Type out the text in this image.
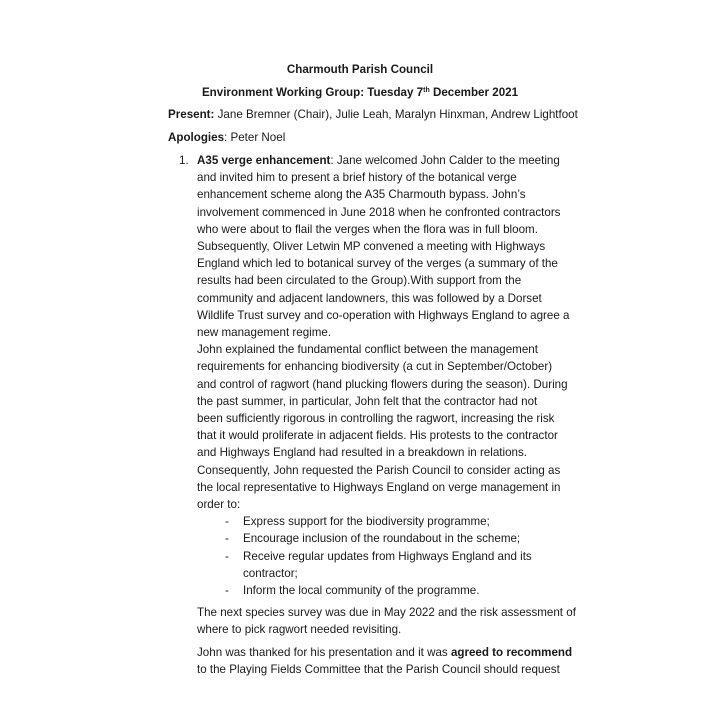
Charmouth Parish Council
Environment Working Group: Tuesday 7th December 2021
Present: Jane Bremner (Chair), Julie Leah, Maralyn Hinxman, Andrew Lightfoot
Apologies: Peter Noel
1. A35 verge enhancement: Jane welcomed John Calder to the meeting
and invited him to present a brief history of the botanical verge
enhancement scheme along the A35 Charmouth bypass. John’s
involvement commenced in June 2018 when he confronted contractors
who were about to flail the verges when the flora was in full bloom.
Subsequently, Oliver Letwin MP convened a meeting with Highways
England which led to botanical survey of the verges (a summary of the
results had been circulated to the Group).With support from the
community and adjacent landowners, this was followed by a Dorset
Wildlife Trust survey and co-operation with Highways England to agree a
new management regime.
John explained the fundamental conflict between the management
requirements for enhancing biodiversity (a cut in September/October)
and control of ragwort (hand plucking flowers during the season). During
the past summer, in particular, John felt that the contractor had not
been sufficiently rigorous in controlling the ragwort, increasing the risk
that it would proliferate in adjacent fields. His protests to the contractor
and Highways England had resulted in a breakdown in relations.
Consequently, John requested the Parish Council to consider acting as
the local representative to Highways England on verge management in
order to:
- Express support for the biodiversity programme;
- Encourage inclusion of the roundabout in the scheme;
- Receive regular updates from Highways England and its
contractor;
- Inform the local community of the programme.
The next species survey was due in May 2022 and the risk assessment of
where to pick ragwort needed revisiting.
John was thanked for his presentation and it was agreed to recommend
to the Playing Fields Committee that the Parish Council should request
